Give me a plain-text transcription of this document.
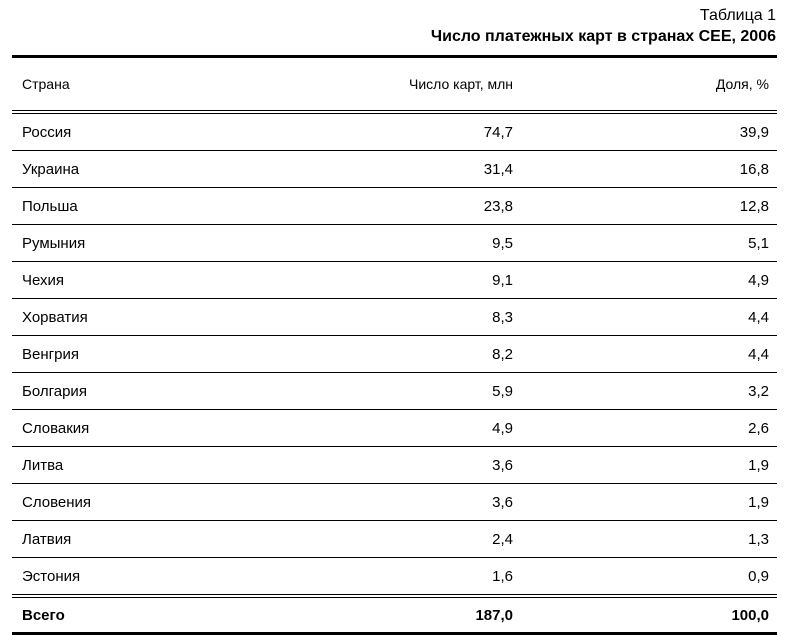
Таблица 1
Число платежных карт в странах CEE, 2006
Страна	Число карт, млн	Доля, %
Россия	74,7	39,9
Украина	31,4	16,8
Польша	23,8	12,8
Румыния	9,5	5,1
Чехия	9,1	4,9
Хорватия	8,3	4,4
Венгрия	8,2	4,4
Болгария	5,9	3,2
Словакия	4,9	2,6
Литва	3,6	1,9
Словения	3,6	1,9
Латвия	2,4	1,3
Эстония	1,6	0,9
Всего	187,0	100,0
